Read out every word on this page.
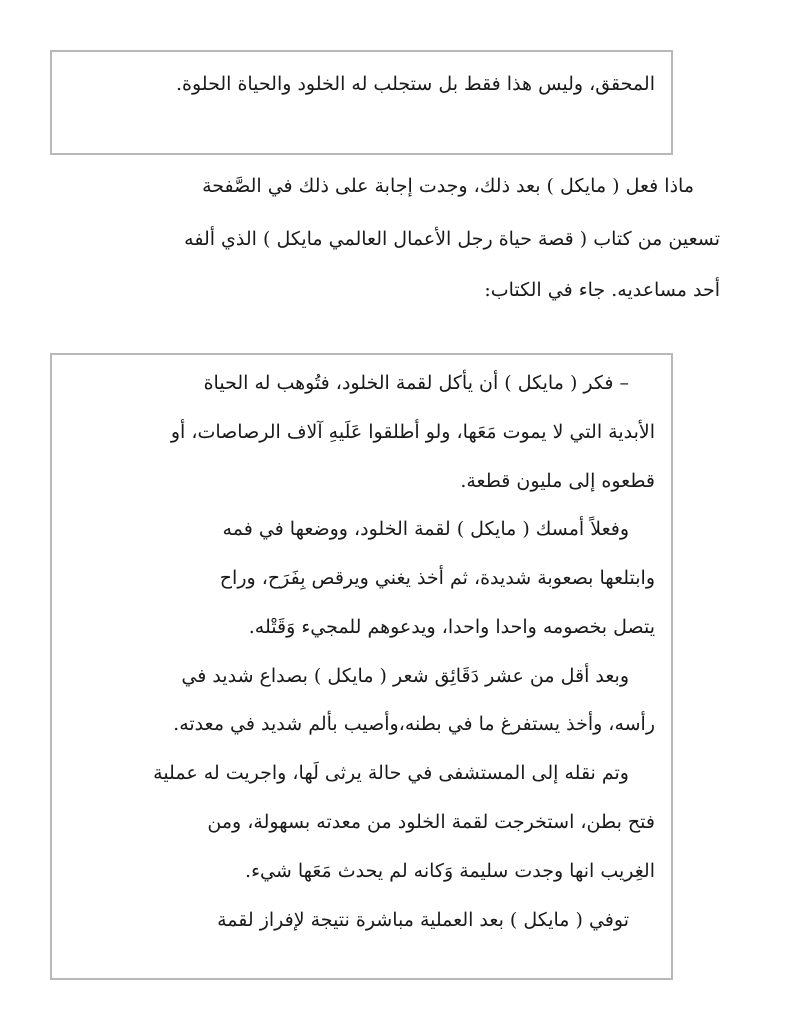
المحقق، وليس هذا فقط بل ستجلب له الخلود والحياة الحلوة.

ماذا فعل ( مايكل ) بعد ذلك، وجدت إجابة على ذلك في الصَّفحة

تسعين من كتاب ( قصة حياة رجل الأعمال العالمي مايكل ) الذي ألفه

أحد مساعديه. جاء في الكتاب:

– فكر ( مايكل ) أن يأكل لقمة الخلود، فتُوهب له الحياة

الأبدية التي لا يموت مَعَها، ولو أطلقوا عَلَيهِ آلاف الرصاصات، أو

قطعوه إلى مليون قطعة.

وفعلاً أمسك ( مايكل ) لقمة الخلود، ووضعها في فمه

وابتلعها بصعوبة شديدة، ثم أخذ يغني ويرقص بِفَرَح، وراح

يتصل بخصومه واحدا واحدا، ويدعوهم للمجيء وَقَتْله.

وبعد أقل من عشر دَقَائِق شعر ( مايكل ) بصداع شديد في

رأسه، وأخذ يستفرغ ما في بطنه،وأصيب بألم شديد في معدته.

وتم نقله إلى المستشفى في حالة يرثى لَها، واجريت له عملية

فتح بطن، استخرجت لقمة الخلود من معدته بسهولة، ومن

الغِريب انها وجدت سليمة وَكانه لم يحدث مَعَها شيء.

توفي ( مايكل ) بعد العملية مباشرة نتيجة لإفراز لقمة
